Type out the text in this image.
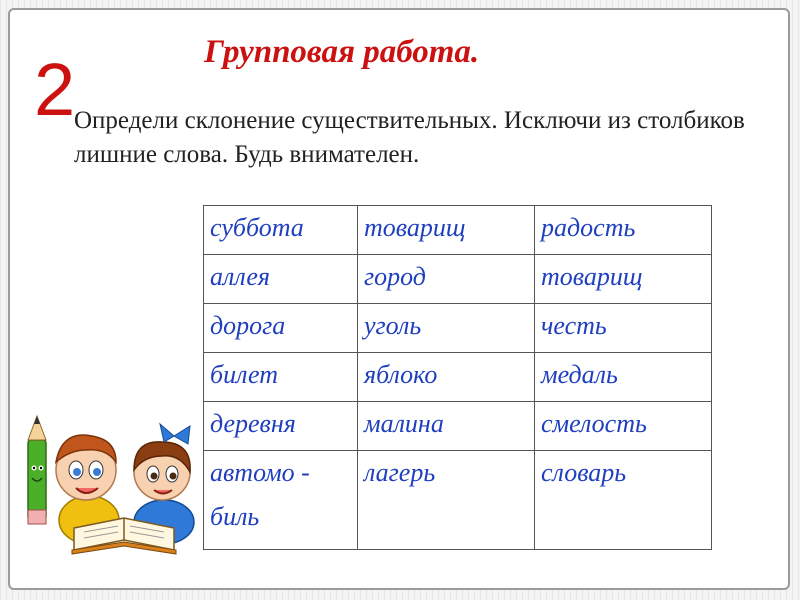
Групповая работа.
2
Определи склонение существительных. Исключи из столбиков лишние слова. Будь внимателен.
суббота	товарищ	радость
аллея	город	товарищ
дорога	уголь	честь
билет	яблоко	медаль
деревня	малина	смелость
автомо - биль	лагерь	словарь
